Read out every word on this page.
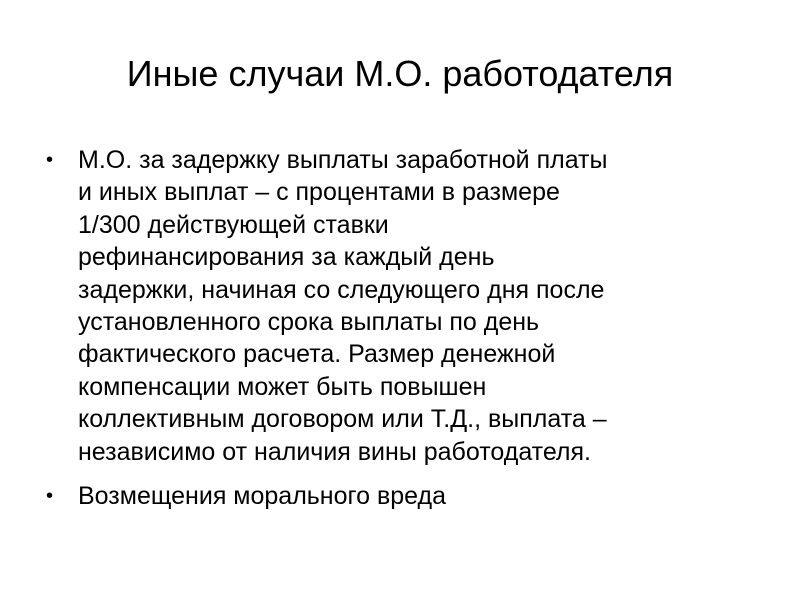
Иные случаи М.О. работодателя
• М.О. за задержку выплаты заработной платы
и иных выплат – с процентами в размере
1/300 действующей ставки
рефинансирования за каждый день
задержки, начиная со следующего дня после
установленного срока выплаты по день
фактического расчета. Размер денежной
компенсации может быть повышен
коллективным договором или Т.Д., выплата –
независимо от наличия вины работодателя.
• Возмещения морального вреда
